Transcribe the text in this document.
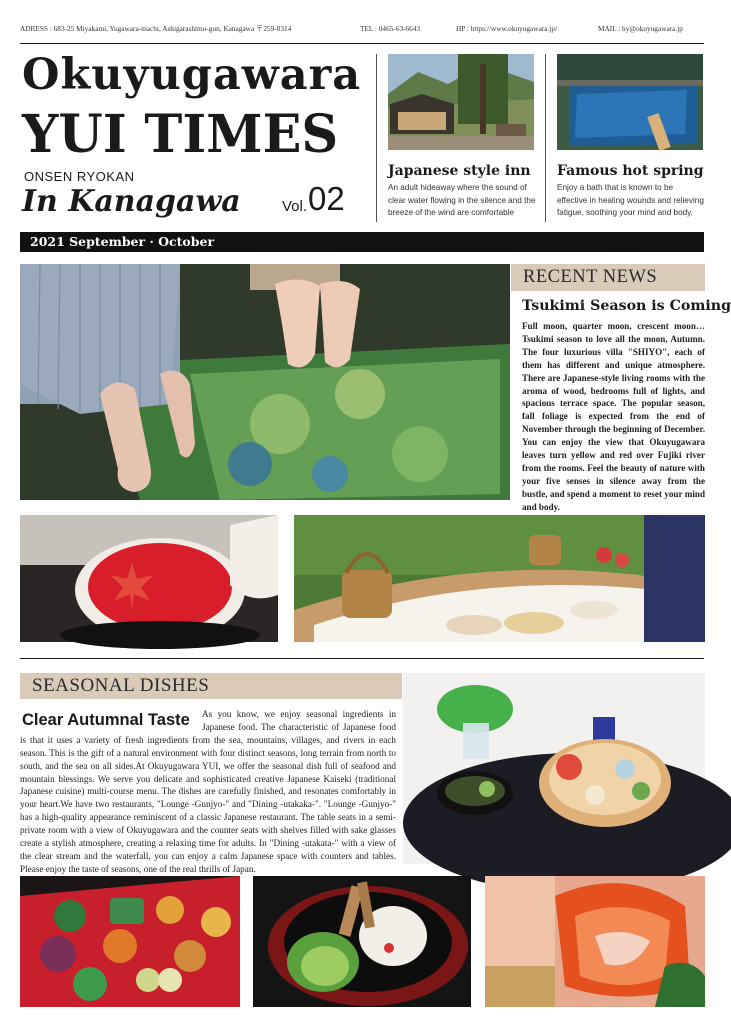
ADRESS : 683-25 Miyakami, Yugawara-machi, Ashigarashimo-gun, Kanagawa 〒259-0314	TEL : 0465-63-6643	HP : https://www.okuyugawara.jp/	MAIL : hy@okuyugawara.jp
Okuyugawara
YUI TIMES
ONSEN RYOKAN
In Kanagawa	Vol. 02
Japanese style inn
An adult hideaway where the sound of clear water flowing in the silence and the breeze of the wind are comfortable
Famous hot spring
Enjoy a bath that is known to be effective in healing wounds and relieving fatigue, soothing your mind and body.
2021 September · October
RECENT NEWS
Tsukimi Season is Coming
Full moon, quarter moon, crescent moon… Tsukimi season to love all the moon, Autumn. The four luxurious villa "SHIYO", each of them has different and unique atmosphere. There are Japanese-style living rooms with the aroma of wood, bedrooms full of lights, and spacious terrace space. The popular season, fall foliage is expected from the end of November through the beginning of December. You can enjoy the view that Okuyugawara leaves turn yellow and red over Fujiki river from the rooms. Feel the beauty of nature with your five senses in silence away from the bustle, and spend a moment to reset your mind and body.
SEASONAL DISHES
Clear Autumnal Taste	As you know, we enjoy seasonal ingredients in Japanese food. The characteristic of Japanese food is that it uses a variety of fresh ingredients from the sea, mountains, villages, and rivers in each season. This is the gift of a natural environment with four distinct seasons, long terrain from north to south, and the sea on all sides.At Okuyugawara YUI, we offer the seasonal dish full of seafood and mountain blessings. We serve you delicate and sophisticated creative Japanese Kaiseki (traditional Japanese cuisine) multi-course menu. The dishes are carefully finished, and resonates comfortably in your heart.We have two restaurants, "Lounge -Gunjyo-" and "Dining -utakaka-". "Lounge -Gunjyo-" has a high-quality appearance reminiscent of a classic Japanese restaurant. The table seats in a semi-private room with a view of Okuyugawara and the counter seats with shelves filled with sake glasses create a stylish atmosphere, creating a relaxing time for adults. In "Dining -utakata-" with a view of the clear stream and the waterfall, you can enjoy a calm Japanese space with counters and tables. Please enjoy the taste of seasons, one of the real thrills of Japan.
